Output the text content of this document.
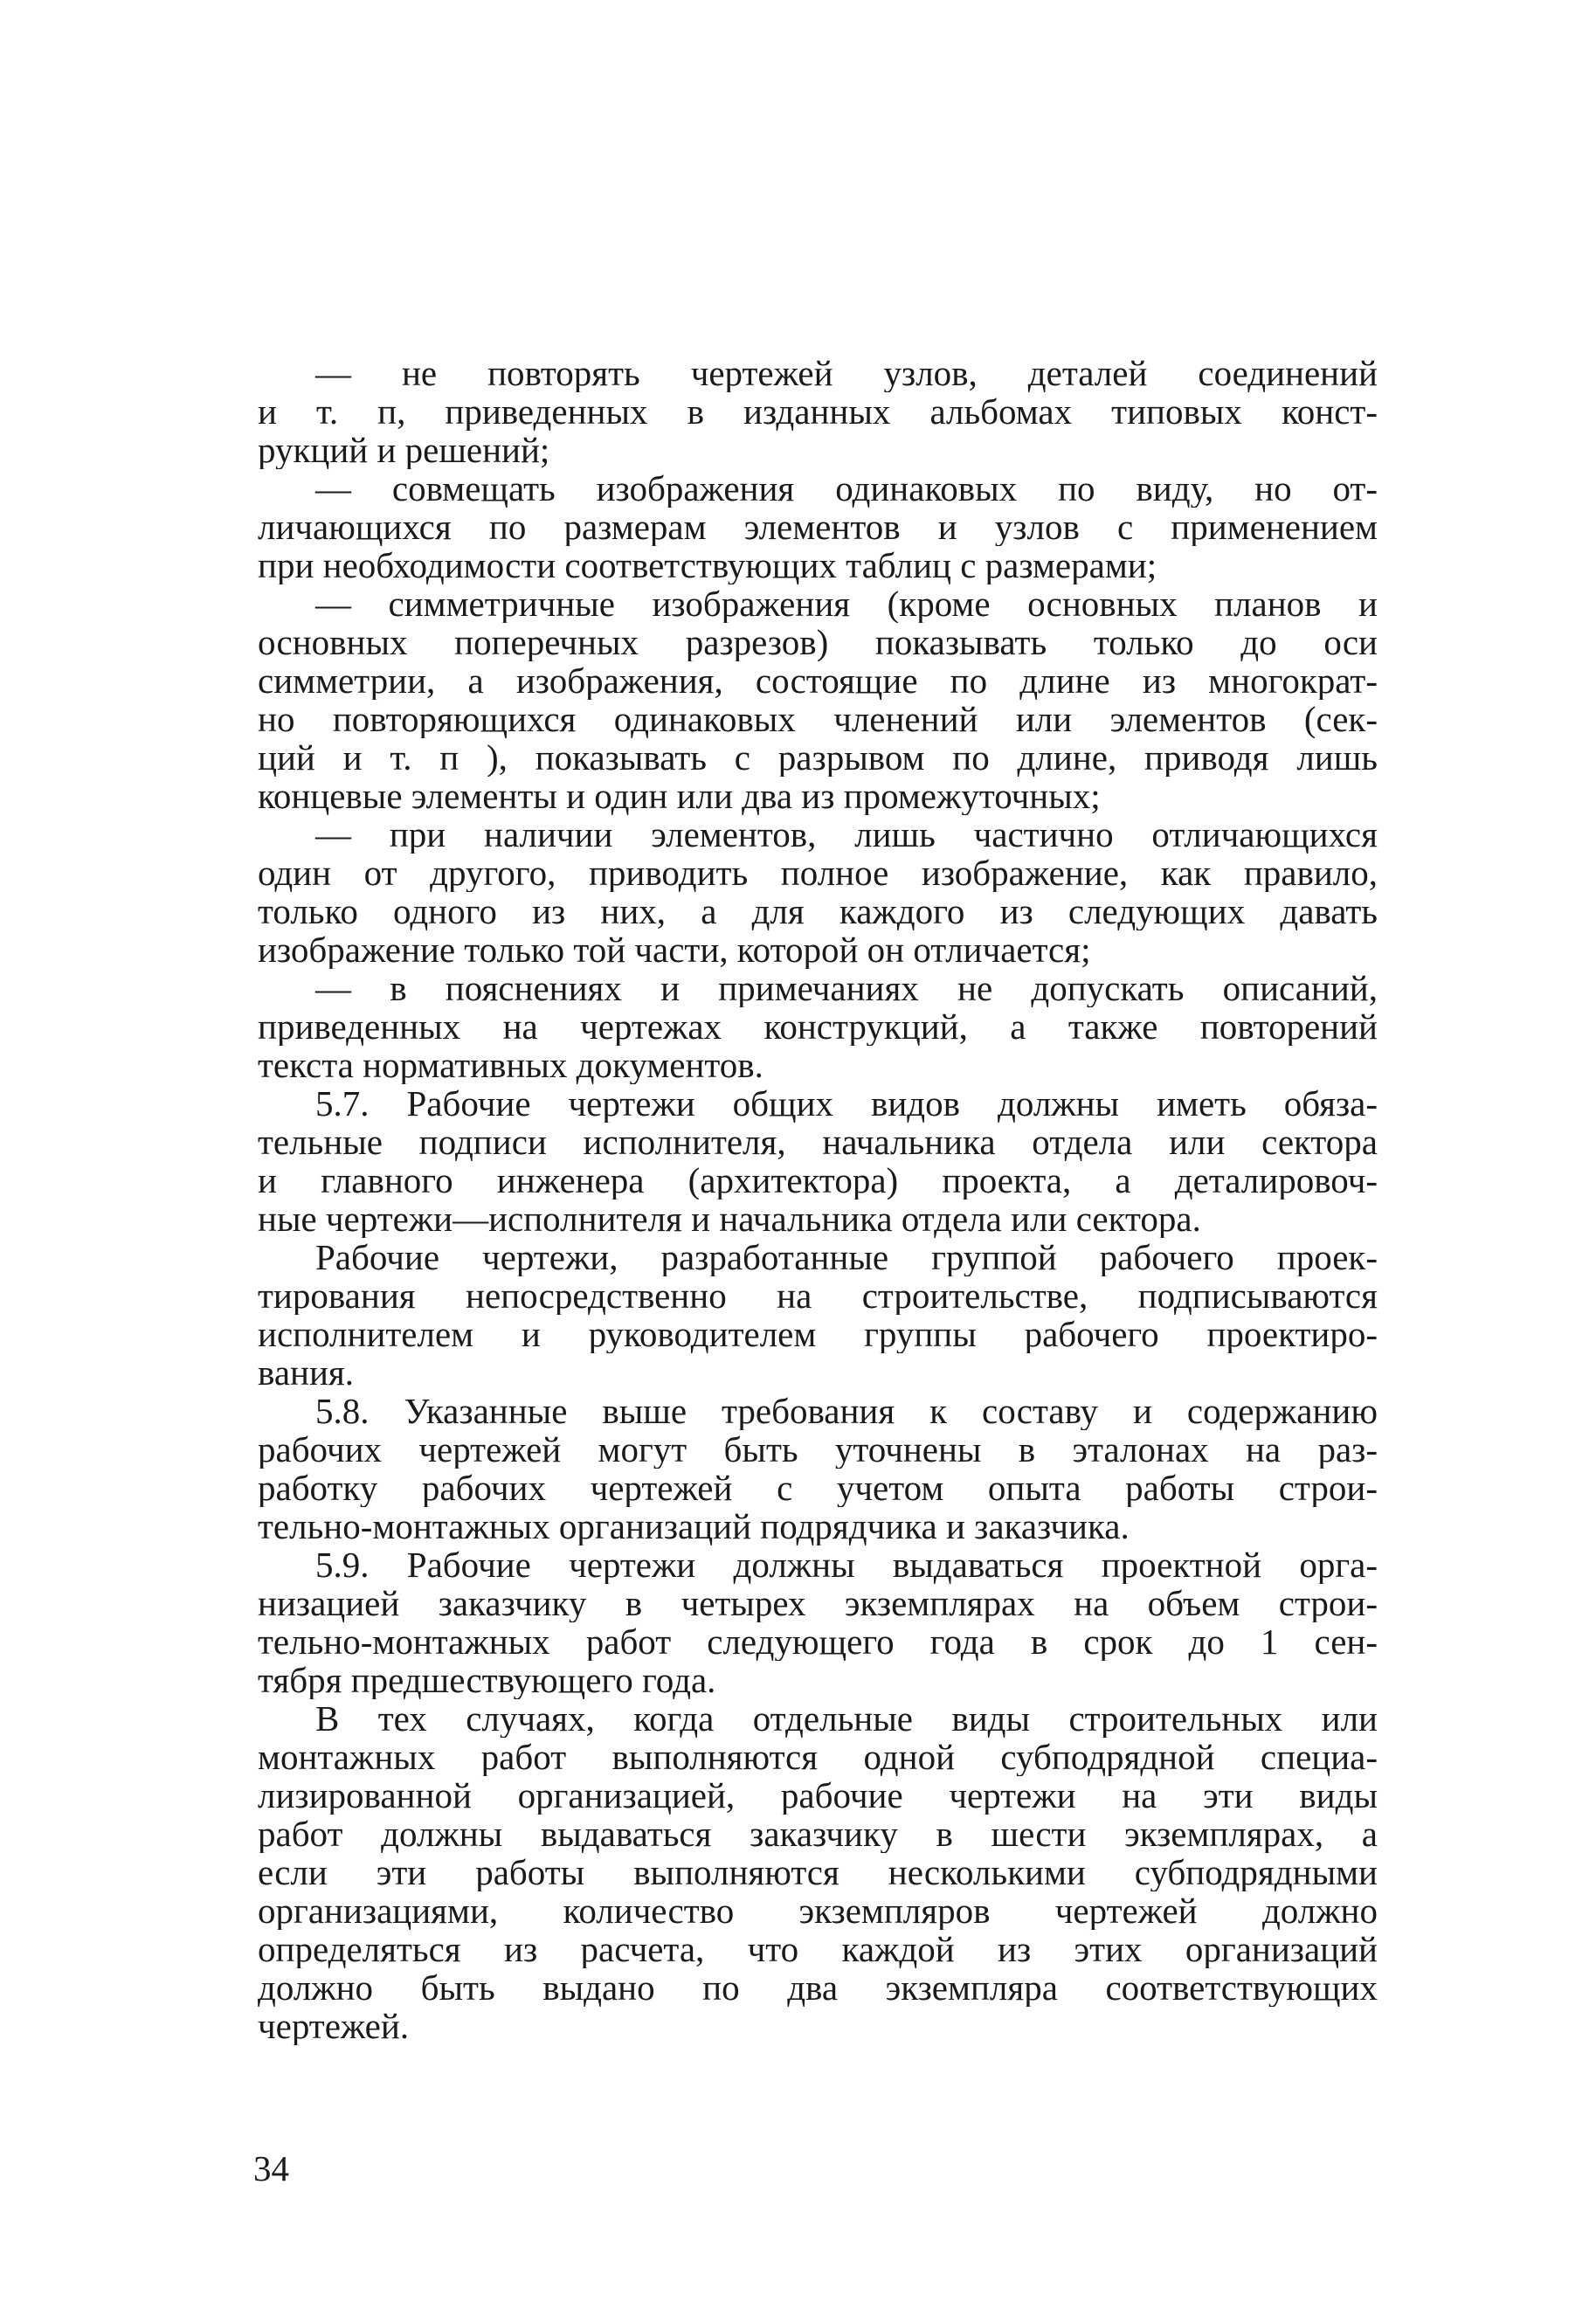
— не повторять чертежей узлов, деталей соединений
и т. п, приведенных в изданных альбомах типовых конст-
рукций и решений;
— совмещать изображения одинаковых по виду, но от-
личающихся по размерам элементов и узлов с применением
при необходимости соответствующих таблиц с размерами;
— симметричные изображения (кроме основных планов и
основных поперечных разрезов) показывать только до оси
симметрии, а изображения, состоящие по длине из многократ-
но повторяющихся одинаковых членений или элементов (сек-
ций и т. п ), показывать с разрывом по длине, приводя лишь
концевые элементы и один или два из промежуточных;
— при наличии элементов, лишь частично отличающихся
один от другого, приводить полное изображение, как правило,
только одного из них, а для каждого из следующих давать
изображение только той части, которой он отличается;
— в пояснениях и примечаниях не допускать описаний,
приведенных на чертежах конструкций, а также повторений
текста нормативных документов.
5.7. Рабочие чертежи общих видов должны иметь обяза-
тельные подписи исполнителя, начальника отдела или сектора
и главного инженера (архитектора) проекта, а деталировоч-
ные чертежи—исполнителя и начальника отдела или сектора.
Рабочие чертежи, разработанные группой рабочего проек-
тирования непосредственно на строительстве, подписываются
исполнителем и руководителем группы рабочего проектиро-
вания.
5.8. Указанные выше требования к составу и содержанию
рабочих чертежей могут быть уточнены в эталонах на раз-
работку рабочих чертежей с учетом опыта работы строи-
тельно-монтажных организаций подрядчика и заказчика.
5.9. Рабочие чертежи должны выдаваться проектной орга-
низацией заказчику в четырех экземплярах на объем строи-
тельно-монтажных работ следующего года в срок до 1 сен-
тября предшествующего года.
В тех случаях, когда отдельные виды строительных или
монтажных работ выполняются одной субподрядной специа-
лизированной организацией, рабочие чертежи на эти виды
работ должны выдаваться заказчику в шести экземплярах, а
если эти работы выполняются несколькими субподрядными
организациями, количество экземпляров чертежей должно
определяться из расчета, что каждой из этих организаций
должно быть выдано по два экземпляра соответствующих
чертежей.
34
